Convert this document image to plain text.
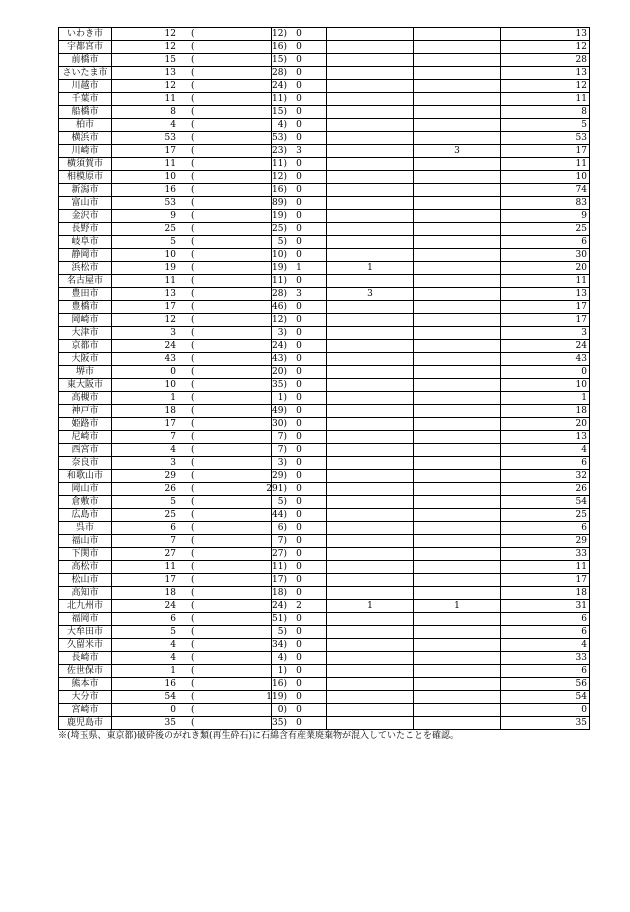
いわき市	12 ( 12)	0			13
宇都宮市	12 ( 16)	0			12
前橋市	15 ( 15)	0			28
さいたま市	13 ( 28)	0			13
川越市	12 ( 24)	0			12
千葉市	11 ( 11)	0			11
船橋市	8 ( 15)	0			8
柏市	4 ( 4)	0			5
横浜市	53 ( 53)	0			53
川崎市	17 ( 23)	3		3	17
横須賀市	11 ( 11)	0			11
相模原市	10 ( 12)	0			10
新潟市	16 ( 16)	0			74
富山市	53 ( 89)	0			83
金沢市	9 ( 19)	0			9
長野市	25 ( 25)	0			25
岐阜市	5 ( 5)	0			6
静岡市	10 ( 10)	0			30
浜松市	19 ( 19)	1	1		20
名古屋市	11 ( 11)	0			11
豊田市	13 ( 28)	3	3		13
豊橋市	17 ( 46)	0			17
岡崎市	12 ( 12)	0			17
大津市	3 ( 3)	0			3
京都市	24 ( 24)	0			24
大阪市	43 ( 43)	0			43
堺市	0 ( 20)	0			0
東大阪市	10 ( 35)	0			10
高槻市	1 ( 1)	0			1
神戸市	18 ( 49)	0			18
姫路市	17 ( 30)	0			20
尼崎市	7 ( 7)	0			13
西宮市	4 ( 7)	0			4
奈良市	3 ( 3)	0			6
和歌山市	29 ( 29)	0			32
岡山市	26 ( 291)	0			26
倉敷市	5 ( 5)	0			54
広島市	25 ( 44)	0			25
呉市	6 ( 6)	0			6
福山市	7 ( 7)	0			29
下関市	27 ( 27)	0			33
高松市	11 ( 11)	0			11
松山市	17 ( 17)	0			17
高知市	18 ( 18)	0			18
北九州市	24 ( 24)	2	1	1	31
福岡市	6 ( 51)	0			6
大牟田市	5 ( 5)	0			6
久留米市	4 ( 34)	0			4
長崎市	4 ( 4)	0			33
佐世保市	1 ( 1)	0			6
熊本市	16 ( 16)	0			56
大分市	54 ( 119)	0			54
宮崎市	0 ( 0)	0			0
鹿児島市	35 ( 35)	0			35
※(埼玉県、東京都)破砕後のがれき類(再生砕石)に石綿含有産業廃棄物が混入していたことを確認。
